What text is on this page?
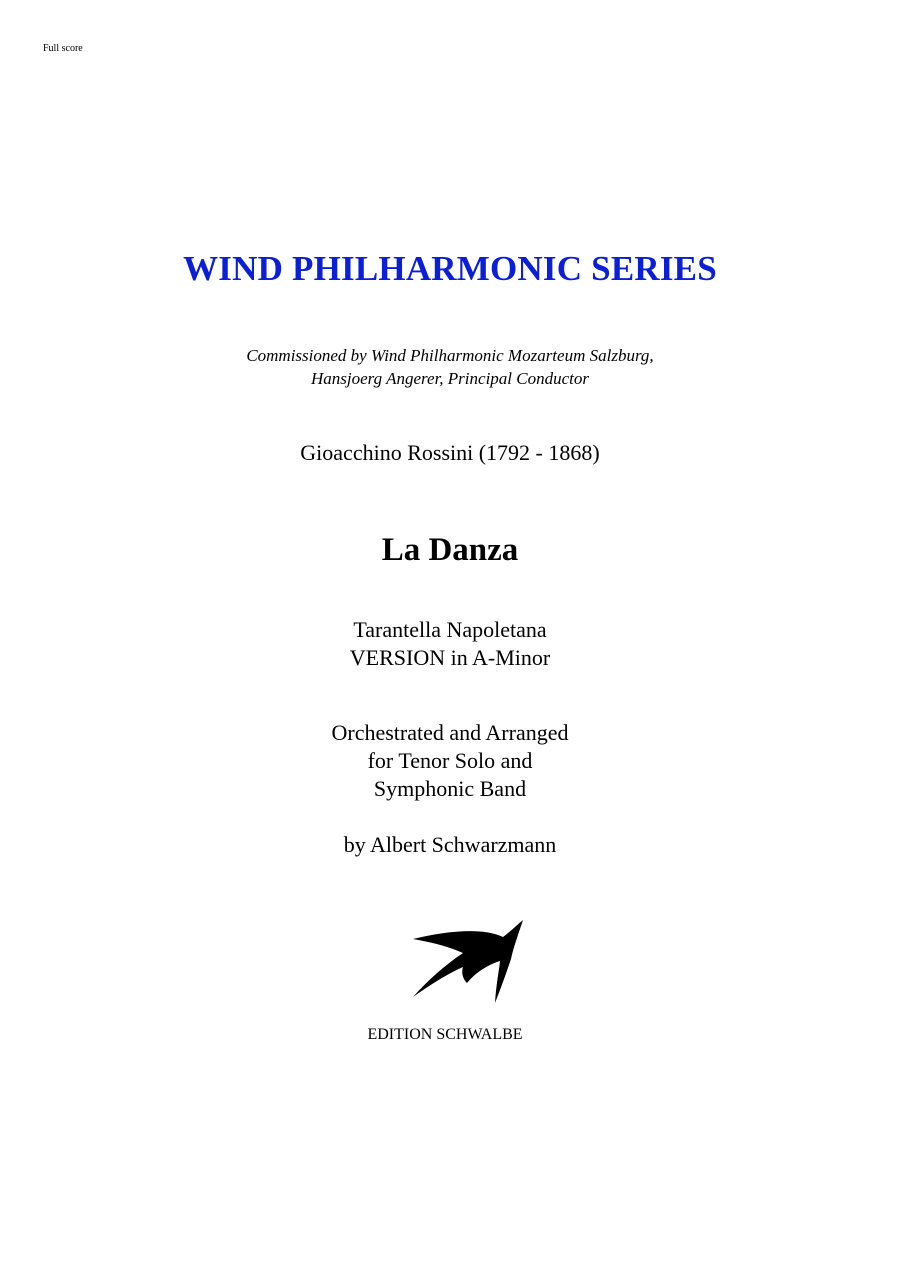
Full score

WIND PHILHARMONIC SERIES
Commissioned by Wind Philharmonic Mozarteum Salzburg,
Hansjoerg Angerer, Principal Conductor

Gioacchino Rossini (1792 - 1868)

La Danza
Tarantella Napoletana
VERSION in A-Minor
Orchestrated and Arranged
for Tenor Solo and
Symphonic Band

by Albert Schwarzmann

EDITION SCHWALBE
